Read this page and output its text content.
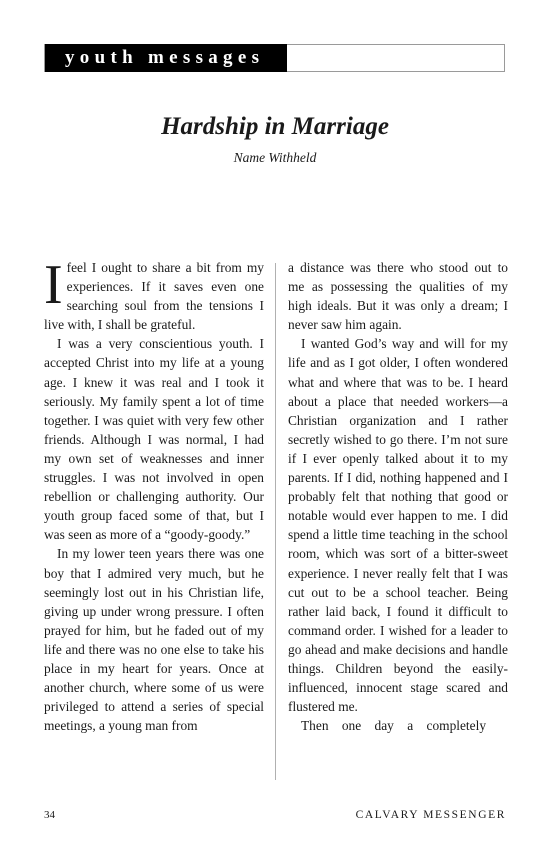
youth messages
Hardship in Marriage
Name Withheld

I feel I ought to share a bit from my experiences. If it saves even one searching soul from the tensions I live with, I shall be grateful.

I was a very conscientious youth. I accepted Christ into my life at a young age. I knew it was real and I took it seriously. My family spent a lot of time together. I was quiet with very few other friends. Although I was normal, I had my own set of weaknesses and inner struggles. I was not involved in open rebellion or challenging authority. Our youth group faced some of that, but I was seen as more of a “goody-goody.”

In my lower teen years there was one boy that I admired very much, but he seemingly lost out in his Christian life, giving up under wrong pressure. I often prayed for him, but he faded out of my life and there was no one else to take his place in my heart for years. Once at another church, where some of us were privileged to attend a series of special meetings, a young man from

a distance was there who stood out to me as possessing the qualities of my high ideals. But it was only a dream; I never saw him again.

I wanted God’s way and will for my life and as I got older, I often wondered what and where that was to be. I heard about a place that needed workers—a Christian organization and I rather secretly wished to go there. I’m not sure if I ever openly talked about it to my parents. If I did, nothing happened and I probably felt that nothing that good or notable would ever happen to me. I did spend a little time teaching in the school room, which was sort of a bitter-sweet experience. I never really felt that I was cut out to be a school teacher. Being rather laid back, I found it difficult to command order. I wished for a leader to go ahead and make decisions and handle things. Children beyond the easily-influenced, innocent stage scared and flustered me.

Then one day a completely

34	CALVARY MESSENGER
